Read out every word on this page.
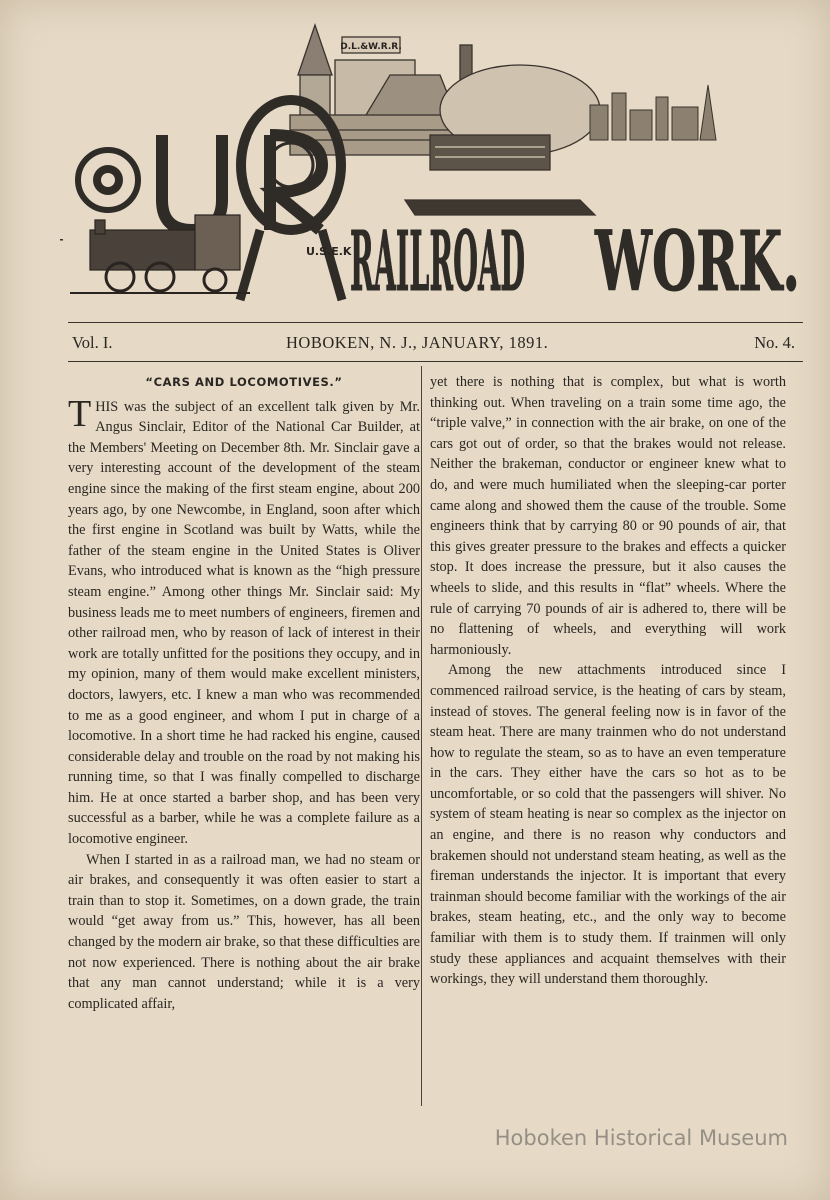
D.L.&W.R.R.
RAILROAD WORK.
OUR
U.S.E.K
Vol. I.	HOBOKEN, N. J., JANUARY, 1891.	No. 4.

“CARS AND LOCOMOTIVES.”

THIS was the subject of an excellent talk given by Mr. Angus Sinclair, Editor of the National Car Builder, at the Members' Meeting on December 8th. Mr. Sinclair gave a very interesting account of the development of the steam engine since the making of the first steam engine, about 200 years ago, by one Newcombe, in England, soon after which the first engine in Scotland was built by Watts, while the father of the steam engine in the United States is Oliver Evans, who introduced what is known as the “high pressure steam engine.” Among other things Mr. Sinclair said: My business leads me to meet numbers of engineers, firemen and other railroad men, who by reason of lack of interest in their work are totally unfitted for the positions they occupy, and in my opinion, many of them would make excellent ministers, doctors, lawyers, etc. I knew a man who was recommended to me as a good engineer, and whom I put in charge of a locomotive. In a short time he had racked his engine, caused considerable delay and trouble on the road by not making his running time, so that I was finally compelled to discharge him. He at once started a barber shop, and has been very successful as a barber, while he was a complete failure as a locomotive engineer.

When I started in as a railroad man, we had no steam or air brakes, and consequently it was often easier to start a train than to stop it. Sometimes, on a down grade, the train would “get away from us.” This, however, has all been changed by the modern air brake, so that these difficulties are not now experienced. There is nothing about the air brake that any man cannot understand; while it is a very complicated affair,

yet there is nothing that is complex, but what is worth thinking out. When traveling on a train some time ago, the “triple valve,” in connection with the air brake, on one of the cars got out of order, so that the brakes would not release. Neither the brakeman, conductor or engineer knew what to do, and were much humiliated when the sleeping-car porter came along and showed them the cause of the trouble. Some engineers think that by carrying 80 or 90 pounds of air, that this gives greater pressure to the brakes and effects a quicker stop. It does increase the pressure, but it also causes the wheels to slide, and this results in “flat” wheels. Where the rule of carrying 70 pounds of air is adhered to, there will be no flattening of wheels, and everything will work harmoniously.

Among the new attachments introduced since I commenced railroad service, is the heating of cars by steam, instead of stoves. The general feeling now is in favor of the steam heat. There are many trainmen who do not understand how to regulate the steam, so as to have an even temperature in the cars. They either have the cars so hot as to be uncomfortable, or so cold that the passengers will shiver. No system of steam heating is near so complex as the injector on an engine, and there is no reason why conductors and brakemen should not understand steam heating, as well as the fireman understands the injector. It is important that every trainman should become familiar with the workings of the air brakes, steam heating, etc., and the only way to become familiar with them is to study them. If trainmen will only study these appliances and acquaint themselves with their workings, they will understand them thoroughly.

Hoboken Historical Museum
